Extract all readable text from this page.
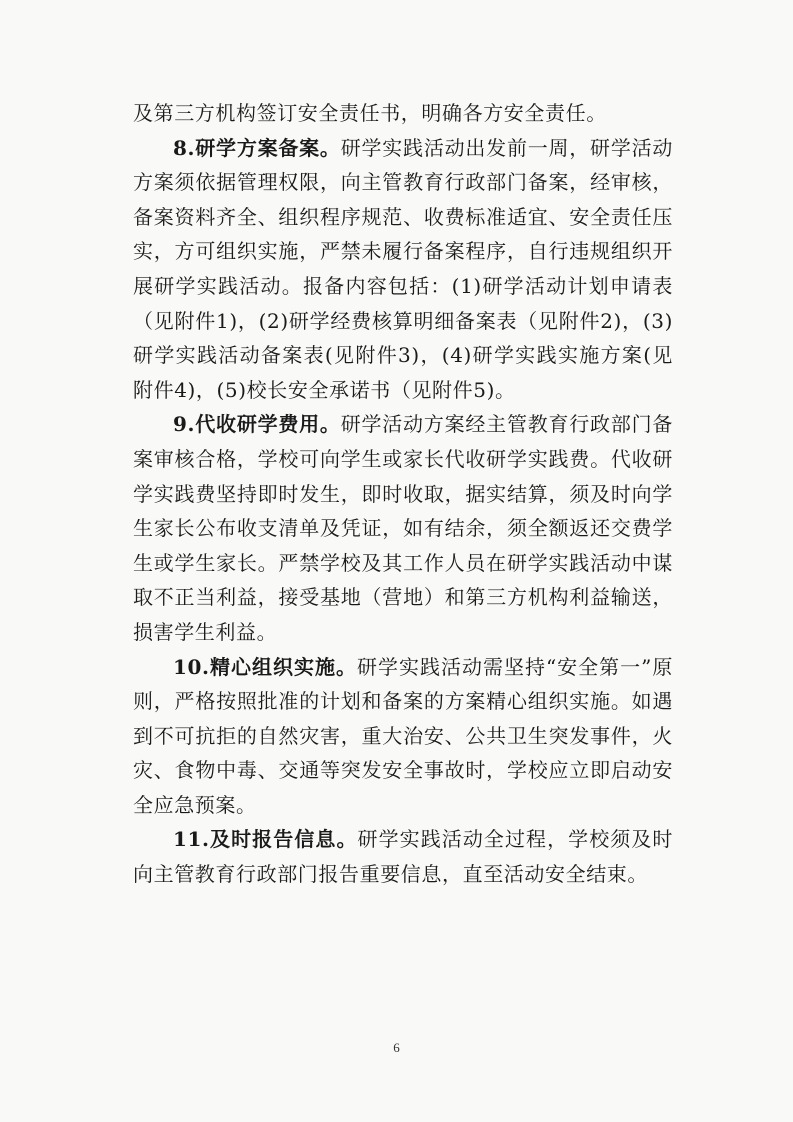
及第三方机构签订安全责任书，明确各方安全责任。

8.研学方案备案。研学实践活动出发前一周，研学活动方案须依据管理权限，向主管教育行政部门备案，经审核，备案资料齐全、组织程序规范、收费标准适宜、安全责任压实，方可组织实施，严禁未履行备案程序，自行违规组织开展研学实践活动。报备内容包括：(1)研学活动计划申请表（见附件1)，(2)研学经费核算明细备案表（见附件2)，(3)研学实践活动备案表(见附件3)，(4)研学实践实施方案(见附件4)，(5)校长安全承诺书（见附件5)。

9.代收研学费用。研学活动方案经主管教育行政部门备案审核合格，学校可向学生或家长代收研学实践费。代收研学实践费坚持即时发生，即时收取，据实结算，须及时向学生家长公布收支清单及凭证，如有结余，须全额返还交费学生或学生家长。严禁学校及其工作人员在研学实践活动中谋取不正当利益，接受基地（营地）和第三方机构利益输送，损害学生利益。

10.精心组织实施。研学实践活动需坚持“安全第一”原则，严格按照批准的计划和备案的方案精心组织实施。如遇到不可抗拒的自然灾害，重大治安、公共卫生突发事件，火灾、食物中毒、交通等突发安全事故时，学校应立即启动安全应急预案。

11.及时报告信息。研学实践活动全过程，学校须及时向主管教育行政部门报告重要信息，直至活动安全结束。

6
